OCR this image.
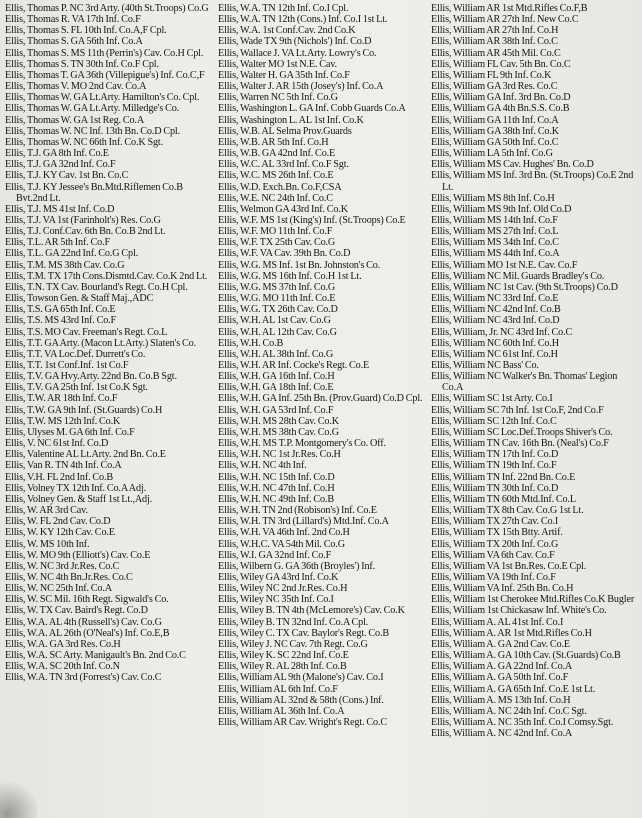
Ellis, Thomas P. NC 3rd Arty. (40th St.Troops) Co.G
Ellis, Thomas R. VA 17th Inf. Co.F
Ellis, Thomas S. FL 10th Inf. Co.A,F Cpl.
Ellis, Thomas S. GA 56th Inf. Co.A
Ellis, Thomas S. MS 11th (Perrin's) Cav. Co.H Cpl.
Ellis, Thomas S. TN 30th Inf. Co.F Cpl.
Ellis, Thomas T. GA 36th (Villepigue's) Inf. Co.C,F
Ellis, Thomas V. MO 2nd Cav. Co.A
Ellis, Thomas W. GA Lt.Arty. Hamilton's Co. Cpl.
Ellis, Thomas W. GA Lt.Arty. Milledge's Co.
Ellis, Thomas W. GA 1st Reg. Co.A
Ellis, Thomas W. NC Inf. 13th Bn. Co.D Cpl.
Ellis, Thomas W. NC 66th Inf. Co.K Sgt.
Ellis, T.J. GA 8th Inf. Co.E
Ellis, T.J. GA 32nd Inf. Co.F
Ellis, T.J. KY Cav. 1st Bn. Co.C
Ellis, T.J. KY Jessee's Bn.Mtd.Riflemen Co.B Bvt.2nd Lt.
Ellis, T.J. MS 41st Inf. Co.D
Ellis, T.J. VA 1st (Farinholt's) Res. Co.G
Ellis, T.J. Conf.Cav. 6th Bn. Co.B 2nd Lt.
Ellis, T.L. AR 5th Inf. Co.F
Ellis, T.L. GA 22nd Inf. Co.G Cpl.
Ellis, T.M. MS 38th Cav. Co.G
Ellis, T.M. TX 17th Cons.Dismtd.Cav. Co.K 2nd Lt.
Ellis, T.N. TX Cav. Bourland's Regt. Co.H Cpl.
Ellis, Towson Gen. & Staff Maj.,ADC
Ellis, T.S. GA 65th Inf. Co.E
Ellis, T.S. MS 43rd Inf. Co.F
Ellis, T.S. MO Cav. Freeman's Regt. Co.L
Ellis, T.T. GA Arty. (Macon Lt.Arty.) Slaten's Co.
Ellis, T.T. VA Loc.Def. Durrett's Co.
Ellis, T.T. 1st Conf.Inf. 1st Co.F
Ellis, T.V. GA Hvy.Arty. 22nd Bn. Co.B Sgt.
Ellis, T.V. GA 25th Inf. 1st Co.K Sgt.
Ellis, T.W. AR 18th Inf. Co.F
Ellis, T.W. GA 9th Inf. (St.Guards) Co.H
Ellis, T.W. MS 12th Inf. Co.K
Ellis, Ulyses M. GA 6th Inf. Co.F
Ellis, V. NC 61st Inf. Co.D
Ellis, Valentine AL Lt.Arty. 2nd Bn. Co.E
Ellis, Van R. TN 4th Inf. Co.A
Ellis, V.H. FL 2nd Inf. Co.B
Ellis, Volney TX 12th Inf. Co.A Adj.
Ellis, Volney Gen. & Staff 1st Lt.,Adj.
Ellis, W. AR 3rd Cav.
Ellis, W. FL 2nd Cav. Co.D
Ellis, W. KY 12th Cav. Co.E
Ellis, W. MS 10th Inf.
Ellis, W. MO 9th (Elliott's) Cav. Co.E
Ellis, W. NC 3rd Jr.Res. Co.C
Ellis, W. NC 4th Bn.Jr.Res. Co.C
Ellis, W. NC 25th Inf. Co.A
Ellis, W. SC Mil. 16th Regt. Sigwald's Co.
Ellis, W. TX Cav. Baird's Regt. Co.D
Ellis, W.A. AL 4th (Russell's) Cav. Co.G
Ellis, W.A. AL 26th (O'Neal's) Inf. Co.E,B
Ellis, W.A. GA 3rd Res. Co.H
Ellis, W.A. SC Arty. Manigault's Bn. 2nd Co.C
Ellis, W.A. SC 20th Inf. Co.N
Ellis, W.A. TN 3rd (Forrest's) Cav. Co.C
Ellis, W.A. TN 12th Inf. Co.I Cpl.
Ellis, W.A. TN 12th (Cons.) Inf. Co.I 1st Lt.
Ellis, W.A. 1st Conf.Cav. 2nd Co.K
Ellis, Wade TX 9th (Nichols') Inf. Co.D
Ellis, Wallace J. VA Lt.Arty. Lowry's Co.
Ellis, Walter MO 1st N.E. Cav.
Ellis, Walter H. GA 35th Inf. Co.F
Ellis, Walter J. AR 15th (Josey's) Inf. Co.A
Ellis, Warren NC 5th Inf. Co.G
Ellis, Washington L. GA Inf. Cobb Guards Co.A
Ellis, Washington L. AL 1st Inf. Co.K
Ellis, W.B. AL Selma Prov.Guards
Ellis, W.B. AR 5th Inf. Co.H
Ellis, W.B. GA 42nd Inf. Co.E
Ellis, W.C. AL 33rd Inf. Co.F Sgt.
Ellis, W.C. MS 26th Inf. Co.E
Ellis, W.D. Exch.Bn. Co.F,CSA
Ellis, W.E. NC 24th Inf. Co.C
Ellis, Welmon GA 43rd Inf. Co.K
Ellis, W.F. MS 1st (King's) Inf. (St.Troops) Co.E
Ellis, W.F. MO 11th Inf. Co.F
Ellis, W.F. TX 25th Cav. Co.G
Ellis, W.F. VA Cav. 39th Bn. Co.D
Ellis, W.G. MS Inf. 1st Bn. Johnston's Co.
Ellis, W.G. MS 16th Inf. Co.H 1st Lt.
Ellis, W.G. MS 37th Inf. Co.G
Ellis, W.G. MO 11th Inf. Co.E
Ellis, W.G. TX 26th Cav. Co.D
Ellis, W.H. AL 1st Cav. Co.G
Ellis, W.H. AL 12th Cav. Co.G
Ellis, W.H. Co.B
Ellis, W.H. AL 38th Inf. Co.G
Ellis, W.H. AR Inf. Cocke's Regt. Co.E
Ellis, W.H. GA 16th Inf. Co.H
Ellis, W.H. GA 18th Inf. Co.E
Ellis, W.H. GA Inf. 25th Bn. (Prov.Guard) Co.D Cpl.
Ellis, W.H. GA 53rd Inf. Co.F
Ellis, W.H. MS 28th Cav. Co.K
Ellis, W.H. MS 38th Cav. Co.G
Ellis, W.H. MS T.P. Montgomery's Co. Off.
Ellis, W.H. NC 1st Jr.Res. Co.H
Ellis, W.H. NC 4th Inf.
Ellis, W.H. NC 15th Inf. Co.D
Ellis, W.H. NC 47th Inf. Co.H
Ellis, W.H. NC 49th Inf. Co.B
Ellis, W.H. TN 2nd (Robison's) Inf. Co.E
Ellis, W.H. TN 3rd (Lillard's) Mtd.Inf. Co.A
Ellis, W.H. VA 46th Inf. 2nd Co.H
Ellis, W.H.C. VA 54th Mil. Co.G
Ellis, W.I. GA 32nd Inf. Co.F
Ellis, Wilbern G. GA 36th (Broyles') Inf.
Ellis, Wiley GA 43rd Inf. Co.K
Ellis, Wiley NC 2nd Jr.Res. Co.H
Ellis, Wiley NC 35th Inf. Co.I
Ellis, Wiley B. TN 4th (McLemore's) Cav. Co.K
Ellis, Wiley B. TN 32nd Inf. Co.A Cpl.
Ellis, Wiley C. TX Cav. Baylor's Regt. Co.B
Ellis, Wiley J. NC Cav. 7th Regt. Co.G
Ellis, Wiley K. SC 22nd Inf. Co.E
Ellis, Wiley R. AL 28th Inf. Co.B
Ellis, William AL 9th (Malone's) Cav. Co.I
Ellis, William AL 6th Inf. Co.F
Ellis, William AL 32nd & 58th (Cons.) Inf.
Ellis, William AL 36th Inf. Co.A
Ellis, William AR Cav. Wright's Regt. Co.C
Ellis, William AR 1st Mtd.Rifles Co.F,B
Ellis, William AR 27th Inf. New Co.C
Ellis, William AR 27th Inf. Co.H
Ellis, William AR 38th Inf. Co.C
Ellis, William AR 45th Mil. Co.C
Ellis, William FL Cav. 5th Bn. Co.C
Ellis, William FL 9th Inf. Co.K
Ellis, William GA 3rd Res. Co.C
Ellis, William GA Inf. 3rd Bn. Co.D
Ellis, William GA 4th Bn.S.S. Co.B
Ellis, William GA 11th Inf. Co.A
Ellis, William GA 38th Inf. Co.K
Ellis, William GA 50th Inf. Co.C
Ellis, William LA 5th Inf. Co.G
Ellis, William MS Cav. Hughes' Bn. Co.D
Ellis, William MS Inf. 3rd Bn. (St.Troops) Co.E 2nd Lt.
Ellis, William MS 8th Inf. Co.H
Ellis, William MS 9th Inf. Old Co.D
Ellis, William MS 14th Inf. Co.F
Ellis, William MS 27th Inf. Co.L
Ellis, William MS 34th Inf. Co.C
Ellis, William MS 44th Inf. Co.A
Ellis, William MO 1st N.E. Cav. Co.F
Ellis, William NC Mil. Guards Bradley's Co.
Ellis, William NC 1st Cav. (9th St.Troops) Co.D
Ellis, William NC 33rd Inf. Co.E
Ellis, William NC 42nd Inf. Co.B
Ellis, William NC 43rd Inf. Co.D
Ellis, William, Jr. NC 43rd Inf. Co.C
Ellis, William NC 60th Inf. Co.H
Ellis, William NC 61st Inf. Co.H
Ellis, William NC Bass' Co.
Ellis, William NC Walker's Bn. Thomas' Legion Co.A
Ellis, William SC 1st Arty. Co.I
Ellis, William SC 7th Inf. 1st Co.F, 2nd Co.F
Ellis, William SC 12th Inf. Co.C
Ellis, William SC Loc.Def.Troops Shiver's Co.
Ellis, William TN Cav. 16th Bn. (Neal's) Co.F
Ellis, William TN 17th Inf. Co.D
Ellis, William TN 19th Inf. Co.F
Ellis, William TN Inf. 22nd Bn. Co.E
Ellis, William TN 30th Inf. Co.D
Ellis, William TN 60th Mtd.Inf. Co.L
Ellis, William TX 8th Cav. Co.G 1st Lt.
Ellis, William TX 27th Cav. Co.I
Ellis, William TX 15th Btty. Artif.
Ellis, William TX 20th Inf. Co.G
Ellis, William VA 6th Cav. Co.F
Ellis, William VA 1st Bn.Res. Co.E Cpl.
Ellis, William VA 19th Inf. Co.F
Ellis, William VA Inf. 25th Bn. Co.H
Ellis, William 1st Cherokee Mtd.Rifles Co.K Bugler
Ellis, William 1st Chickasaw Inf. White's Co.
Ellis, William A. AL 41st Inf. Co.I
Ellis, William A. AR 1st Mtd.Rifles Co.H
Ellis, William A. GA 2nd Cav. Co.E
Ellis, William A. GA 10th Cav. (St.Guards) Co.B
Ellis, William A. GA 22nd Inf. Co.A
Ellis, William A. GA 50th Inf. Co.F
Ellis, William A. GA 65th Inf. Co.E 1st Lt.
Ellis, William A. MS 13th Inf. Co.H
Ellis, William A. NC 24th Inf. Co.C Sgt.
Ellis, William A. NC 35th Inf. Co.I Comsy.Sgt.
Ellis, William A. NC 42nd Inf. Co.A
